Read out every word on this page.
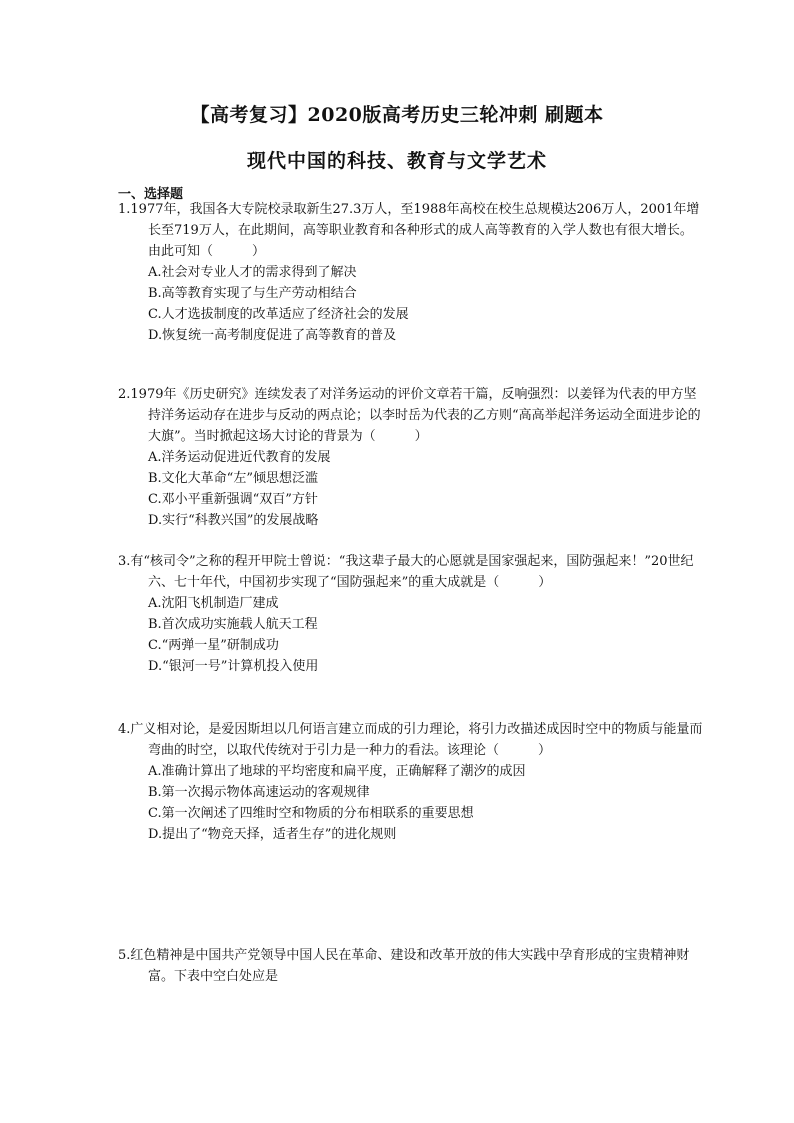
【高考复习】2020版高考历史三轮冲刺 刷题本
现代中国的科技、教育与文学艺术
一、选择题

1.1977年，我国各大专院校录取新生27.3万人，至1988年高校在校生总规模达206万人，2001年增长至719万人，在此期间，高等职业教育和各种形式的成人高等教育的入学人数也有很大增长。由此可知（　　　）

A.社会对专业人才的需求得到了解决

B.高等教育实现了与生产劳动相结合

C.人才选拔制度的改革适应了经济社会的发展

D.恢复统一高考制度促进了高等教育的普及

2.1979年《历史研究》连续发表了对洋务运动的评价文章若干篇，反响强烈：以姜铎为代表的甲方坚持洋务运动存在进步与反动的两点论；以李时岳为代表的乙方则“高高举起洋务运动全面进步论的大旗”。当时掀起这场大讨论的背景为（　　　）

A.洋务运动促进近代教育的发展

B.文化大革命“左”倾思想泛滥

C.邓小平重新强调“双百”方针

D.实行“科教兴国”的发展战略

3.有“核司令”之称的程开甲院士曾说：“我这辈子最大的心愿就是国家强起来，国防强起来！”20世纪六、七十年代，中国初步实现了“国防强起来”的重大成就是（　　　）

A.沈阳飞机制造厂建成

B.首次成功实施载人航天工程

C.“两弹一星”研制成功

D.“银河一号”计算机投入使用

4.广义相对论，是爱因斯坦以几何语言建立而成的引力理论，将引力改描述成因时空中的物质与能量而弯曲的时空，以取代传统对于引力是一种力的看法。该理论（　　　）

A.准确计算出了地球的平均密度和扁平度，正确解释了潮汐的成因

B.第一次揭示物体高速运动的客观规律

C.第一次阐述了四维时空和物质的分布相联系的重要思想

D.提出了“物竞天择，适者生存”的进化规则

5.红色精神是中国共产党领导中国人民在革命、建设和改革开放的伟大实践中孕育形成的宝贵精神财富。下表中空白处应是
